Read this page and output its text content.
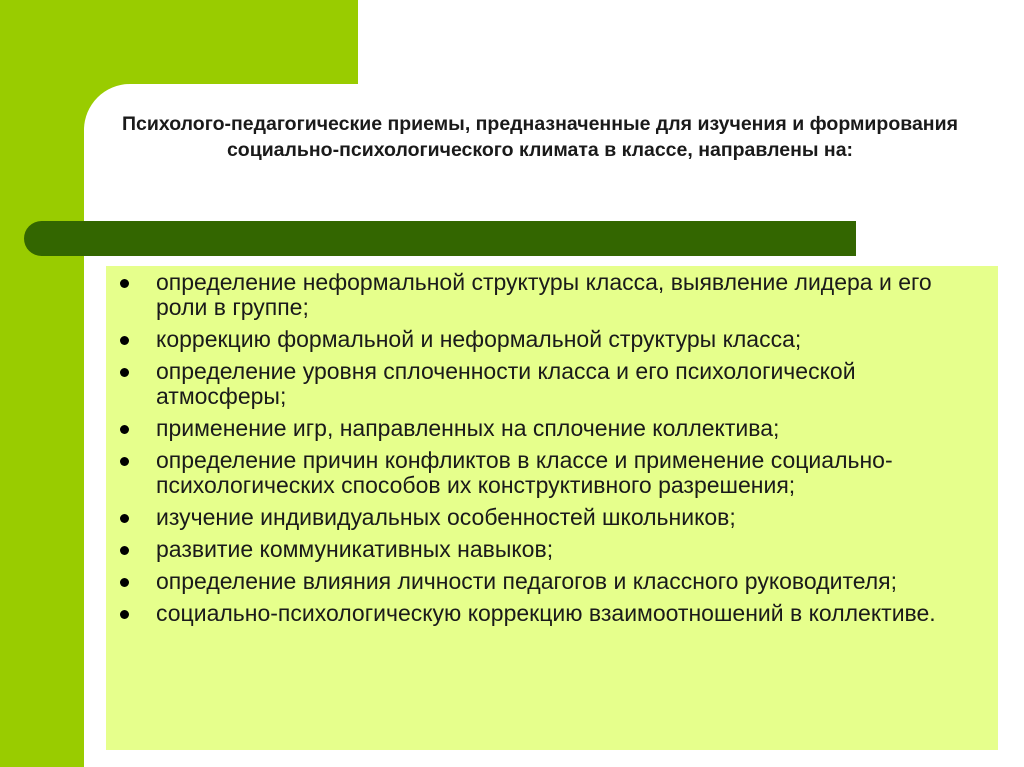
Психолого-педагогические приемы, предназначенные для изучения и формирования социально-психологического климата в классе, направлены на:
определение неформальной структуры класса, выявление лидера и его роли в группе;
коррекцию формальной и неформальной структуры класса;
определение уровня сплоченности класса и его психологической атмосферы;
применение игр, направленных на сплочение коллектива;
определение причин конфликтов в классе и применение социально-психологических способов их конструктивного разрешения;
изучение индивидуальных особенностей школьников;
развитие коммуникативных навыков;
определение влияния личности педагогов и классного руководителя;
социально-психологическую коррекцию взаимоотношений в коллективе.
